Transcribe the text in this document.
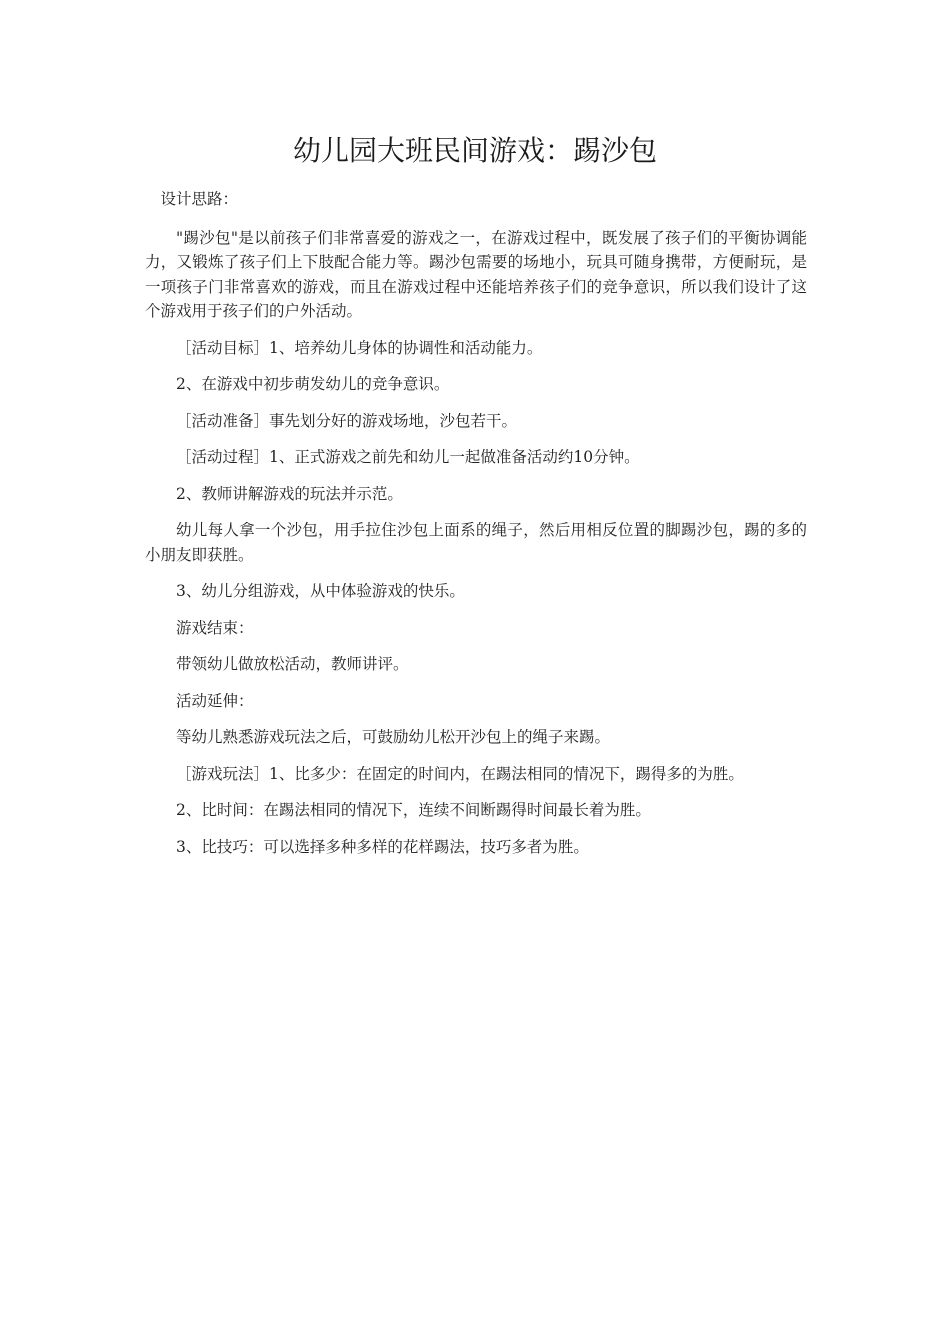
幼儿园大班民间游戏：踢沙包

设计思路：

"踢沙包"是以前孩子们非常喜爱的游戏之一，在游戏过程中，既发展了孩子们的平衡协调能力，又锻炼了孩子们上下肢配合能力等。踢沙包需要的场地小，玩具可随身携带，方便耐玩，是一项孩子门非常喜欢的游戏，而且在游戏过程中还能培养孩子们的竞争意识，所以我们设计了这个游戏用于孩子们的户外活动。

［活动目标］1、培养幼儿身体的协调性和活动能力。

2、在游戏中初步萌发幼儿的竞争意识。

［活动准备］事先划分好的游戏场地，沙包若干。

［活动过程］1、正式游戏之前先和幼儿一起做准备活动约10分钟。

2、教师讲解游戏的玩法并示范。

幼儿每人拿一个沙包，用手拉住沙包上面系的绳子，然后用相反位置的脚踢沙包，踢的多的小朋友即获胜。

3、幼儿分组游戏，从中体验游戏的快乐。

游戏结束：

带领幼儿做放松活动，教师讲评。

活动延伸：

等幼儿熟悉游戏玩法之后，可鼓励幼儿松开沙包上的绳子来踢。

［游戏玩法］1、比多少：在固定的时间内，在踢法相同的情况下，踢得多的为胜。

2、比时间：在踢法相同的情况下，连续不间断踢得时间最长着为胜。

3、比技巧：可以选择多种多样的花样踢法，技巧多者为胜。
